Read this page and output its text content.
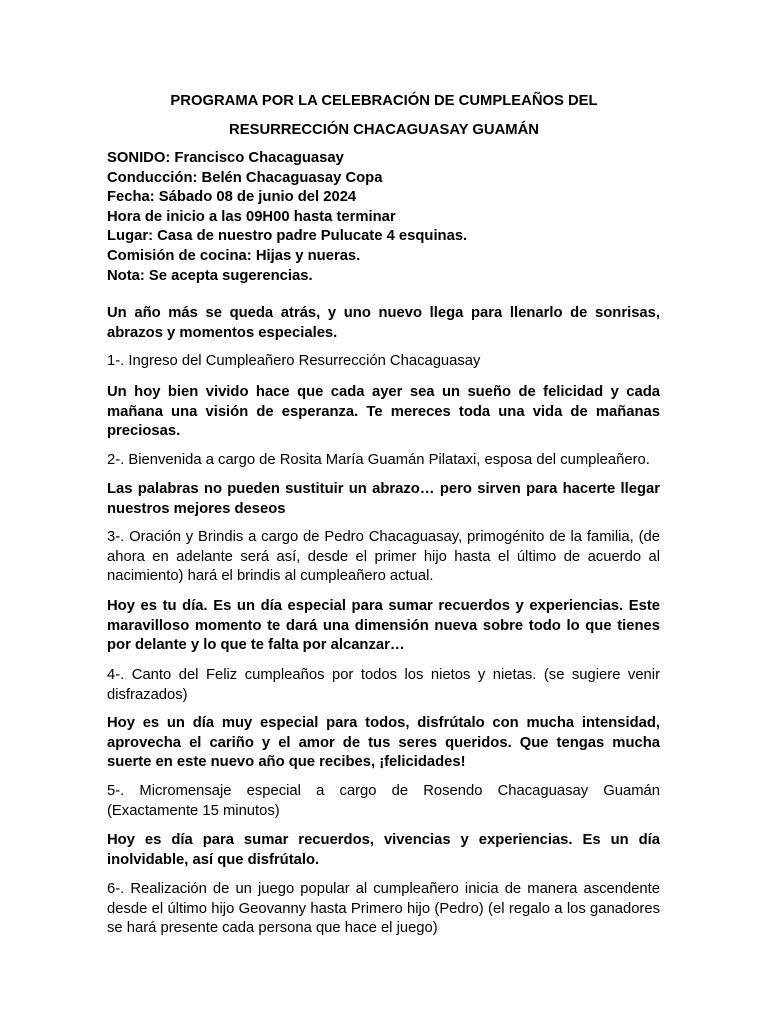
PROGRAMA POR LA CELEBRACIÓN DE CUMPLEAÑOS DEL
RESURRECCIÓN CHACAGUASAY GUAMÁN
SONIDO: Francisco Chacaguasay
Conducción: Belén Chacaguasay Copa
Fecha: Sábado 08 de junio del 2024
Hora de inicio a las 09H00 hasta terminar
Lugar: Casa de nuestro padre Pulucate 4 esquinas.
Comisión de cocina: Hijas y nueras.
Nota: Se acepta sugerencias.

Un año más se queda atrás, y uno nuevo llega para llenarlo de sonrisas, abrazos y momentos especiales.

1-. Ingreso del Cumpleañero Resurrección Chacaguasay

Un hoy bien vivido hace que cada ayer sea un sueño de felicidad y cada mañana una visión de esperanza. Te mereces toda una vida de mañanas preciosas.

2-. Bienvenida a cargo de Rosita María Guamán Pilataxi, esposa del cumpleañero.

Las palabras no pueden sustituir un abrazo… pero sirven para hacerte llegar nuestros mejores deseos

3-. Oración y Brindis a cargo de Pedro Chacaguasay, primogénito de la familia, (de ahora en adelante será así, desde el primer hijo hasta el último de acuerdo al nacimiento) hará el brindis al cumpleañero actual.

Hoy es tu día. Es un día especial para sumar recuerdos y experiencias. Este maravilloso momento te dará una dimensión nueva sobre todo lo que tienes por delante y lo que te falta por alcanzar…

4-. Canto del Feliz cumpleaños por todos los nietos y nietas. (se sugiere venir disfrazados)

Hoy es un día muy especial para todos, disfrútalo con mucha intensidad, aprovecha el cariño y el amor de tus seres queridos. Que tengas mucha suerte en este nuevo año que recibes, ¡felicidades!

5-. Micromensaje especial a cargo de Rosendo Chacaguasay Guamán (Exactamente 15 minutos)

Hoy es día para sumar recuerdos, vivencias y experiencias. Es un día inolvidable, así que disfrútalo.

6-. Realización de un juego popular al cumpleañero inicia de manera ascendente desde el último hijo Geovanny hasta Primero hijo (Pedro) (el regalo a los ganadores se hará presente cada persona que hace el juego)
